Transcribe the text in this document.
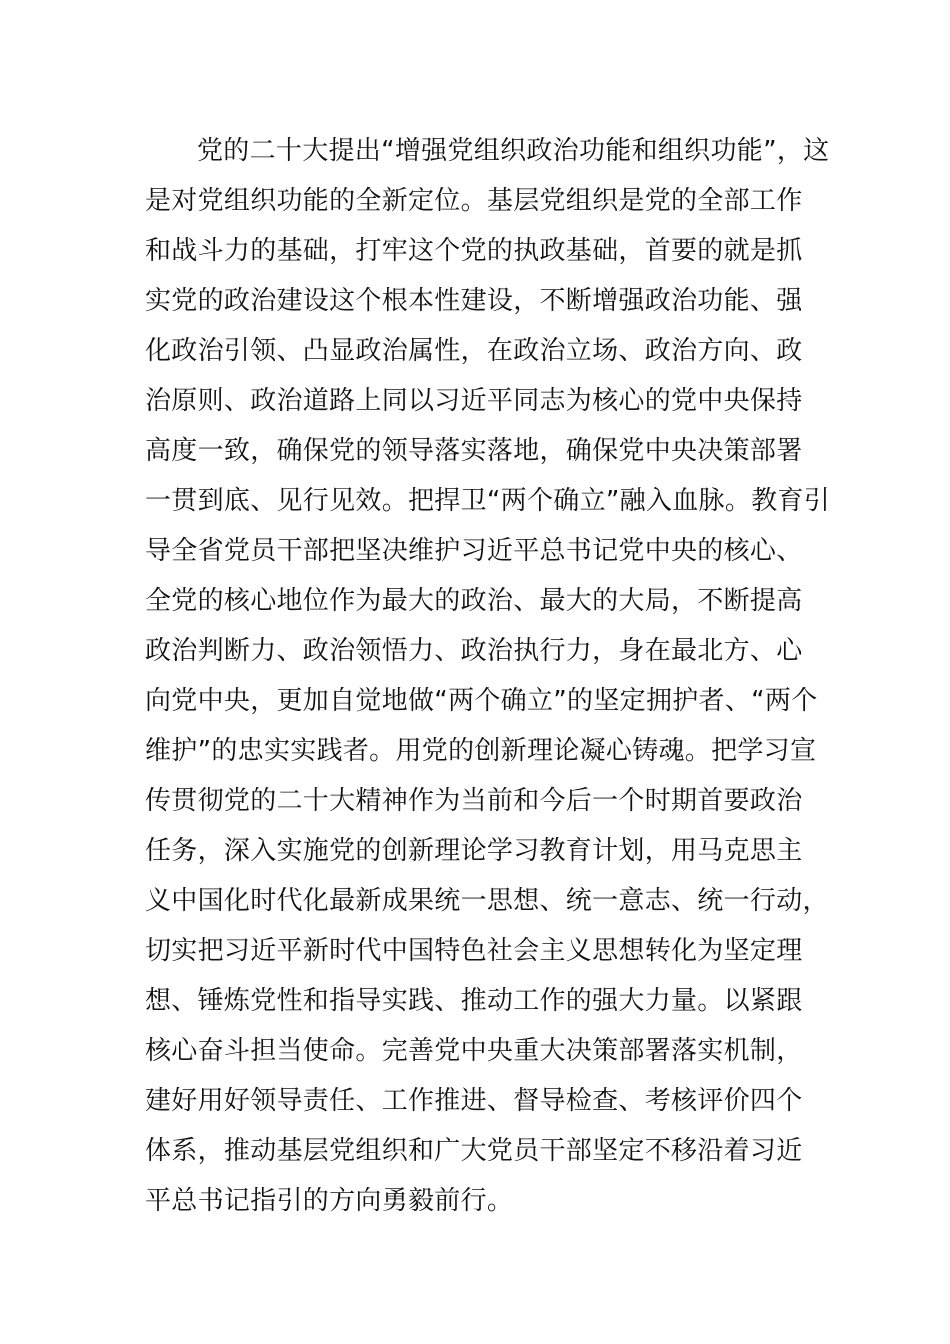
党的二十大提出“增强党组织政治功能和组织功能”，这
是对党组织功能的全新定位。基层党组织是党的全部工作
和战斗力的基础，打牢这个党的执政基础，首要的就是抓
实党的政治建设这个根本性建设，不断增强政治功能、强
化政治引领、凸显政治属性，在政治立场、政治方向、政
治原则、政治道路上同以习近平同志为核心的党中央保持
高度一致，确保党的领导落实落地，确保党中央决策部署
一贯到底、见行见效。把捍卫“两个确立”融入血脉。教育引
导全省党员干部把坚决维护习近平总书记党中央的核心、
全党的核心地位作为最大的政治、最大的大局，不断提高
政治判断力、政治领悟力、政治执行力，身在最北方、心
向党中央，更加自觉地做“两个确立”的坚定拥护者、“两个
维护”的忠实实践者。用党的创新理论凝心铸魂。把学习宣
传贯彻党的二十大精神作为当前和今后一个时期首要政治
任务，深入实施党的创新理论学习教育计划，用马克思主
义中国化时代化最新成果统一思想、统一意志、统一行动，
切实把习近平新时代中国特色社会主义思想转化为坚定理
想、锤炼党性和指导实践、推动工作的强大力量。以紧跟
核心奋斗担当使命。完善党中央重大决策部署落实机制，
建好用好领导责任、工作推进、督导检查、考核评价四个
体系，推动基层党组织和广大党员干部坚定不移沿着习近
平总书记指引的方向勇毅前行。
